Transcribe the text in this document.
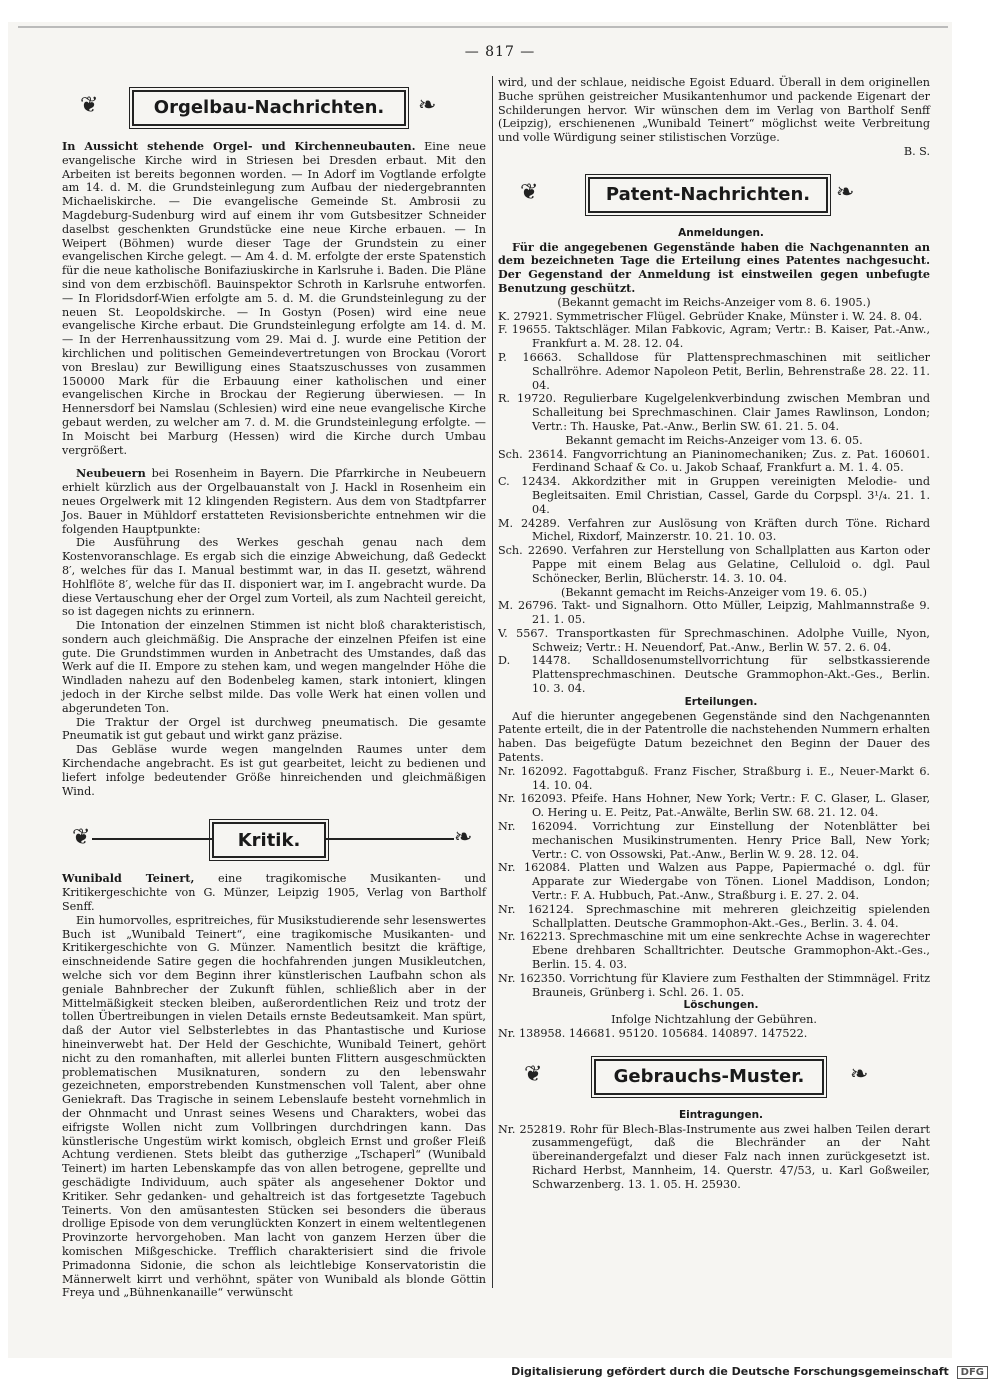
— 817 —
❦	Orgelbau-Nachrichten.	❧

In Aussicht stehende Orgel- und Kirchenneubauten. Eine neue evangelische Kirche wird in Striesen bei Dresden erbaut. Mit den Arbeiten ist bereits begonnen worden. — In Adorf im Vogtlande erfolgte am 14. d. M. die Grundsteinlegung zum Aufbau der niedergebrannten Michaeliskirche. — Die evangelische Gemeinde St. Ambrosii zu Magdeburg-Sudenburg wird auf einem ihr vom Gutsbesitzer Schneider daselbst geschenkten Grundstücke eine neue Kirche erbauen. — In Weipert (Böhmen) wurde dieser Tage der Grundstein zu einer evangelischen Kirche gelegt. — Am 4. d. M. erfolgte der erste Spatenstich für die neue katholische Bonifaziuskirche in Karlsruhe i. Baden. Die Pläne sind von dem erzbischöfl. Bauinspektor Schroth in Karlsruhe entworfen. — In Floridsdorf-Wien erfolgte am 5. d. M. die Grundsteinlegung zu der neuen St. Leopoldskirche. — In Gostyn (Posen) wird eine neue evangelische Kirche erbaut. Die Grundsteinlegung erfolgte am 14. d. M. — In der Herrenhaussitzung vom 29. Mai d. J. wurde eine Petition der kirchlichen und politischen Gemeindevertretungen von Brockau (Vorort von Breslau) zur Bewilligung eines Staatszuschusses von zusammen 150000 Mark für die Erbauung einer katholischen und einer evangelischen Kirche in Brockau der Regierung überwiesen. — In Hennersdorf bei Namslau (Schlesien) wird eine neue evangelische Kirche gebaut werden, zu welcher am 7. d. M. die Grundsteinlegung erfolgte. — In Moischt bei Marburg (Hessen) wird die Kirche durch Umbau vergrößert.

Neubeuern bei Rosenheim in Bayern. Die Pfarrkirche in Neubeuern erhielt kürzlich aus der Orgelbauanstalt von J. Hackl in Rosenheim ein neues Orgelwerk mit 12 klingenden Registern. Aus dem von Stadtpfarrer Jos. Bauer in Mühldorf erstatteten Revisionsberichte entnehmen wir die folgenden Hauptpunkte:

Die Ausführung des Werkes geschah genau nach dem Kostenvoranschlage. Es ergab sich die einzige Abweichung, daß Gedeckt 8′, welches für das I. Manual bestimmt war, in das II. gesetzt, während Hohlflöte 8′, welche für das II. disponiert war, im I. angebracht wurde. Da diese Vertauschung eher der Orgel zum Vorteil, als zum Nachteil gereicht, so ist dagegen nichts zu erinnern.

Die Intonation der einzelnen Stimmen ist nicht bloß charakteristisch, sondern auch gleichmäßig. Die Ansprache der einzelnen Pfeifen ist eine gute. Die Grundstimmen wurden in Anbetracht des Umstandes, daß das Werk auf die II. Empore zu stehen kam, und wegen mangelnder Höhe die Windladen nahezu auf den Bodenbeleg kamen, stark intoniert, klingen jedoch in der Kirche selbst milde. Das volle Werk hat einen vollen und abgerundeten Ton.

Die Traktur der Orgel ist durchweg pneumatisch. Die gesamte Pneumatik ist gut gebaut und wirkt ganz präzise.

Das Gebläse wurde wegen mangelnden Raumes unter dem Kirchendache angebracht. Es ist gut gearbeitet, leicht zu bedienen und liefert infolge bedeutender Größe hinreichenden und gleichmäßigen Wind.

❦	Kritik.	❧

Wunibald Teinert, eine tragikomische Musikanten- und Kritikergeschichte von G. Münzer, Leipzig 1905, Verlag von Bartholf Senff.

Ein humorvolles, espritreiches, für Musikstudierende sehr lesenswertes Buch ist „Wunibald Teinert“, eine tragikomische Musikanten- und Kritikergeschichte von G. Münzer. Namentlich besitzt die kräftige, einschneidende Satire gegen die hochfahrenden jungen Musikleutchen, welche sich vor dem Beginn ihrer künstlerischen Laufbahn schon als geniale Bahnbrecher der Zukunft fühlen, schließlich aber in der Mittelmäßigkeit stecken bleiben, außerordentlichen Reiz und trotz der tollen Übertreibungen in vielen Details ernste Bedeutsamkeit. Man spürt, daß der Autor viel Selbsterlebtes in das Phantastische und Kuriose hineinverwebt hat. Der Held der Geschichte, Wunibald Teinert, gehört nicht zu den romanhaften, mit allerlei bunten Flittern ausgeschmückten problematischen Musiknaturen, sondern zu den lebenswahr gezeichneten, emporstrebenden Kunstmenschen voll Talent, aber ohne Geniekraft. Das Tragische in seinem Lebenslaufe besteht vornehmlich in der Ohnmacht und Unrast seines Wesens und Charakters, wobei das eifrigste Wollen nicht zum Vollbringen durchdringen kann. Das künstlerische Ungestüm wirkt komisch, obgleich Ernst und großer Fleiß Achtung verdienen. Stets bleibt das gutherzige „Tschaperl“ (Wunibald Teinert) im harten Lebenskampfe das von allen betrogene, geprellte und geschädigte Individuum, auch später als angesehener Doktor und Kritiker. Sehr gedanken- und gehaltreich ist das fortgesetzte Tagebuch Teinerts. Von den amüsantesten Stücken sei besonders die überaus drollige Episode von dem verunglückten Konzert in einem weltentlegenen Provinzorte hervorgehoben. Man lacht von ganzem Herzen über die komischen Mißgeschicke. Trefflich charakterisiert sind die frivole Primadonna Sidonie, die schon als leichtlebige Konservatoristin die Männerwelt kirrt und verhöhnt, später von Wunibald als blonde Göttin Freya und „Bühnenkanaille“ verwünscht

wird, und der schlaue, neidische Egoist Eduard. Überall in dem originellen Buche sprühen geistreicher Musikantenhumor und packende Eigenart der Schilderungen hervor. Wir wünschen dem im Verlag von Bartholf Senff (Leipzig), erschienenen „Wunibald Teinert“ möglichst weite Verbreitung und volle Würdigung seiner stilistischen Vorzüge.

B. S.

❦	Patent-Nachrichten.	❧

Anmeldungen.

Für die angegebenen Gegenstände haben die Nachgenannten an dem bezeichneten Tage die Erteilung eines Patentes nachgesucht. Der Gegenstand der Anmeldung ist einstweilen gegen unbefugte Benutzung geschützt.

(Bekannt gemacht im Reichs-Anzeiger vom 8. 6. 1905.)

K. 27921. Symmetrischer Flügel. Gebrüder Knake, Münster i. W. 24. 8. 04.

F. 19655. Taktschläger. Milan Fabkovic, Agram; Vertr.: B. Kaiser, Pat.-Anw., Frankfurt a. M. 28. 12. 04.

P. 16663. Schalldose für Plattensprechmaschinen mit seitlicher Schallröhre. Ademor Napoleon Petit, Berlin, Behrenstraße 28. 22. 11. 04.

R. 19720. Regulierbare Kugelgelenkverbindung zwischen Membran und Schalleitung bei Sprechmaschinen. Clair James Rawlinson, London; Vertr.: Th. Hauske, Pat.-Anw., Berlin SW. 61. 21. 5. 04.

Bekannt gemacht im Reichs-Anzeiger vom 13. 6. 05.

Sch. 23614. Fangvorrichtung an Pianinomechaniken; Zus. z. Pat. 160601. Ferdinand Schaaf & Co. u. Jakob Schaaf, Frankfurt a. M. 1. 4. 05.

C. 12434. Akkordzither mit in Gruppen vereinigten Melodie- und Begleitsaiten. Emil Christian, Cassel, Garde du Corpspl. 3¹/₄. 21. 1. 04.

M. 24289. Verfahren zur Auslösung von Kräften durch Töne. Richard Michel, Rixdorf, Mainzerstr. 10. 21. 10. 03.

Sch. 22690. Verfahren zur Herstellung von Schallplatten aus Karton oder Pappe mit einem Belag aus Gelatine, Celluloid o. dgl. Paul Schönecker, Berlin, Blücherstr. 14. 3. 10. 04.

(Bekannt gemacht im Reichs-Anzeiger vom 19. 6. 05.)

M. 26796. Takt- und Signalhorn. Otto Müller, Leipzig, Mahlmannstraße 9. 21. 1. 05.

V. 5567. Transportkasten für Sprechmaschinen. Adolphe Vuille, Nyon, Schweiz; Vertr.: H. Neuendorf, Pat.-Anw., Berlin W. 57. 2. 6. 04.

D. 14478. Schalldosenumstellvorrichtung für selbstkassierende Plattensprechmaschinen. Deutsche Grammophon-Akt.-Ges., Berlin. 10. 3. 04.

Erteilungen.

Auf die hierunter angegebenen Gegenstände sind den Nachgenannten Patente erteilt, die in der Patentrolle die nachstehenden Nummern erhalten haben. Das beigefügte Datum bezeichnet den Beginn der Dauer des Patents.

Nr. 162092. Fagottabguß. Franz Fischer, Straßburg i. E., Neuer-Markt 6. 14. 10. 04.

Nr. 162093. Pfeife. Hans Hohner, New York; Vertr.: F. C. Glaser, L. Glaser, O. Hering u. E. Peitz, Pat.-Anwälte, Berlin SW. 68. 21. 12. 04.

Nr. 162094. Vorrichtung zur Einstellung der Notenblätter bei mechanischen Musikinstrumenten. Henry Price Ball, New York; Vertr.: C. von Ossowski, Pat.-Anw., Berlin W. 9. 28. 12. 04.

Nr. 162084. Platten und Walzen aus Pappe, Papiermaché o. dgl. für Apparate zur Wiedergabe von Tönen. Lionel Maddison, London; Vertr.: F. A. Hubbuch, Pat.-Anw., Straßburg i. E. 27. 2. 04.

Nr. 162124. Sprechmaschine mit mehreren gleichzeitig spielenden Schallplatten. Deutsche Grammophon-Akt.-Ges., Berlin. 3. 4. 04.

Nr. 162213. Sprechmaschine mit um eine senkrechte Achse in wagerechter Ebene drehbaren Schalltrichter. Deutsche Grammophon-Akt.-Ges., Berlin. 15. 4. 03.

Nr. 162350. Vorrichtung für Klaviere zum Festhalten der Stimmnägel. Fritz Brauneis, Grünberg i. Schl. 26. 1. 05.

Löschungen.

Infolge Nichtzahlung der Gebühren.

Nr. 138958. 146681. 95120. 105684. 140897. 147522.

❦	Gebrauchs-Muster.	❧

Eintragungen.

Nr. 252819. Rohr für Blech-Blas-Instrumente aus zwei halben Teilen derart zusammengefügt, daß die Blechränder an der Naht übereinandergefalzt und dieser Falz nach innen zurückgesetzt ist. Richard Herbst, Mannheim, 14. Querstr. 47/53, u. Karl Goßweiler, Schwarzenberg. 13. 1. 05. H. 25930.

Digitalisierung gefördert durch die Deutsche Forschungsgemeinschaft DFG
